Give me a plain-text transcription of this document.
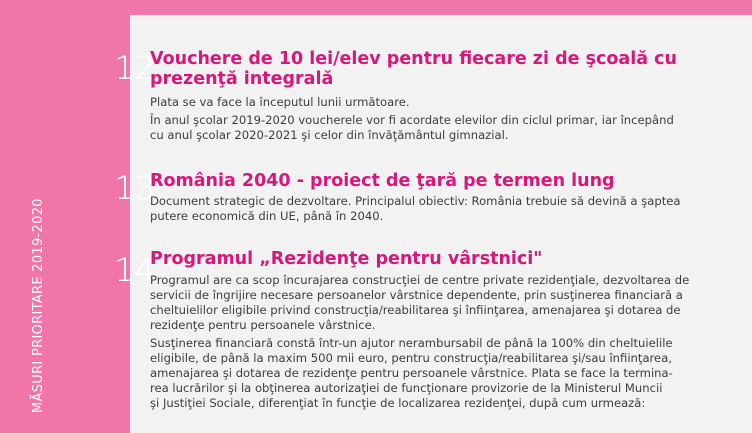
MĂSURI PRIORITARE 2019-2020
12
Vouchere de 10 lei/elev pentru fiecare zi de şcoală cu
prezenţă integrală
Plata se va face la începutul lunii următoare.
În anul şcolar 2019-2020 voucherele vor fi acordate elevilor din ciclul primar, iar începând
cu anul şcolar 2020-2021 şi celor din învăţământul gimnazial.
13
România 2040 - proiect de ţară pe termen lung
Document strategic de dezvoltare. Principalul obiectiv: România trebuie să devină a şaptea
putere economică din UE, până în 2040.
14
Programul „Rezidenţe pentru vârstnici"
Programul are ca scop încurajarea construcţiei de centre private rezidenţiale, dezvoltarea de
servicii de îngrijire necesare persoanelor vârstnice dependente, prin susţinerea financiară a
cheltuielilor eligibile privind construcţia/reabilitarea şi înfiinţarea, amenajarea şi dotarea de
rezidenţe pentru persoanele vârstnice.
Susţinerea financiară constă într-un ajutor nerambursabil de până la 100% din cheltuielile
eligibile, de până la maxim 500 mii euro, pentru construcţia/reabilitarea şi/sau înfiinţarea,
amenajarea şi dotarea de rezidenţe pentru persoanele vârstnice. Plata se face la termina-
rea lucrărilor şi la obţinerea autorizaţiei de funcţionare provizorie de la Ministerul Muncii
şi Justiţiei Sociale, diferenţiat în funcţie de localizarea rezidenţei, după cum urmează:
